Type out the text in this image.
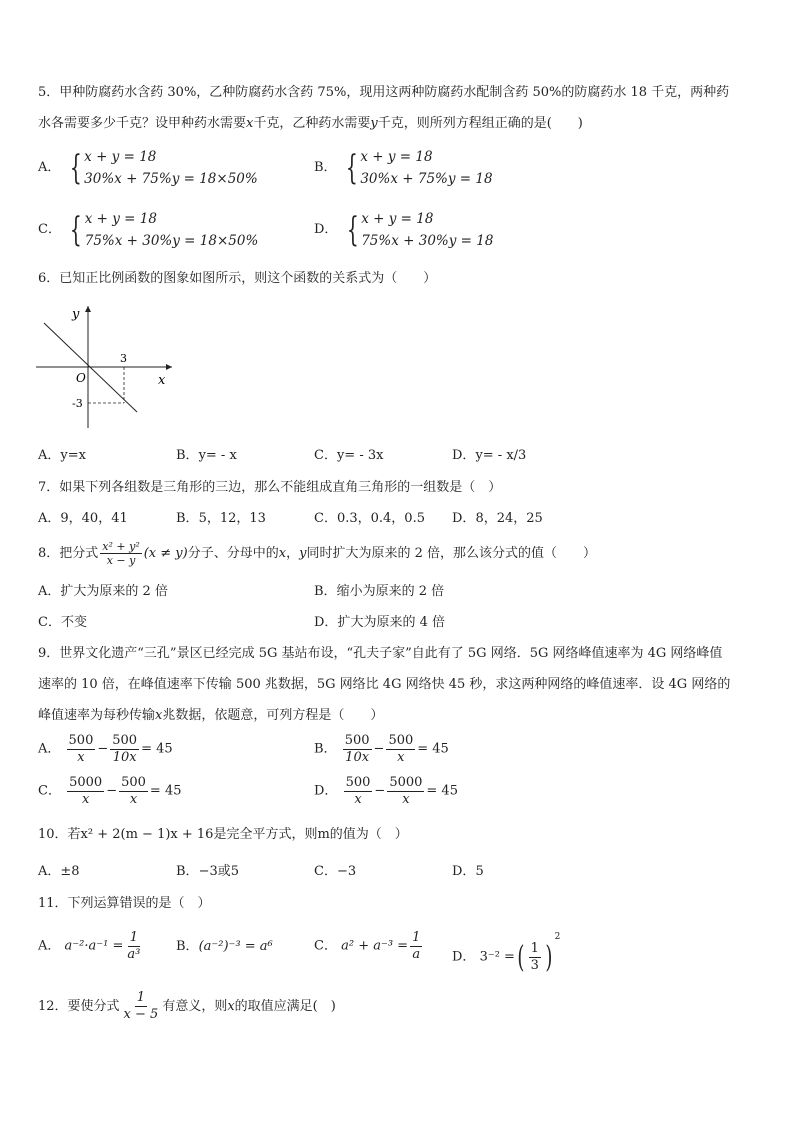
5．甲种防腐药水含药 30%，乙种防腐药水含药 75%，现用这两种防腐药水配制含药 50%的防腐药水 18 千克，两种药
水各需要多少千克？设甲种药水需要x千克，乙种药水需要y千克，则所列方程组正确的是(　　)
A． { x + y = 18
30%x + 75%y = 18×50%
B． { x + y = 18
30%x + 75%y = 18
C． { x + y = 18
75%x + 30%y = 18×50%
D． { x + y = 18
75%x + 30%y = 18
6．已知正比例函数的图象如图所示，则这个函数的关系式为（　　）
y
x
O
3
-3
A．y=x	B．y= - x	C．y= - 3x	D．y= - x/3
7．如果下列各组数是三角形的三边，那么不能组成直角三角形的一组数是（　）
A．9，40，41	B．5，12，13	C．0.3，0.4，0.5 D．8，24，25
8．把分式 $\frac{\text{x² + y²}}{x - y} (x \ne y)$分子、分母中的x，y同时扩大为原来的 2 倍，那么该分式的值（　　）
A．扩大为原来的 2 倍	B．缩小为原来的 2 倍
C．不变	D．扩大为原来的 4 倍
9．世界文化遗产“三孔”景区已经完成 5G 基站布设，“孔夫子家”自此有了 5G 网络．5G 网络峰值速率为 4G 网络峰值
速率的 10 倍，在峰值速率下传输 500 兆数据，5G 网络比 4G 网络快 45 秒，求这两种网络的峰值速率．设 4G 网络的
峰值速率为每秒传输x兆数据，依题意，可列方程是（　　）
A． $\frac{500}{x} - \frac{500}{10x} = 45$	B． $\frac{500}{10x} - \frac{500}{x} = 45$
C． $\frac{5000}{x} - \frac{500}{x} = 45$	D． $\frac{500}{x} - \frac{5000}{x} = 45$
10．若x² + 2(m − 1)x + 16是完全平方式，则m的值为（　）
A．±8	B．−3或5	C．−3	D．5
11．下列运算错误的是（　）
A． $a^{-2}\cdot a^{-1} = \frac{1}{\text{a³}}$	B．(a⁻²)⁻³ = a⁶	C． $a^2 + a^{-3} = \frac{1}{a}$ D． 3⁻² =( $\frac{1}{3} )^2$
12．要使分式 $\frac{1}{x - 5}$ 有意义，则x的取值应满足(　)
